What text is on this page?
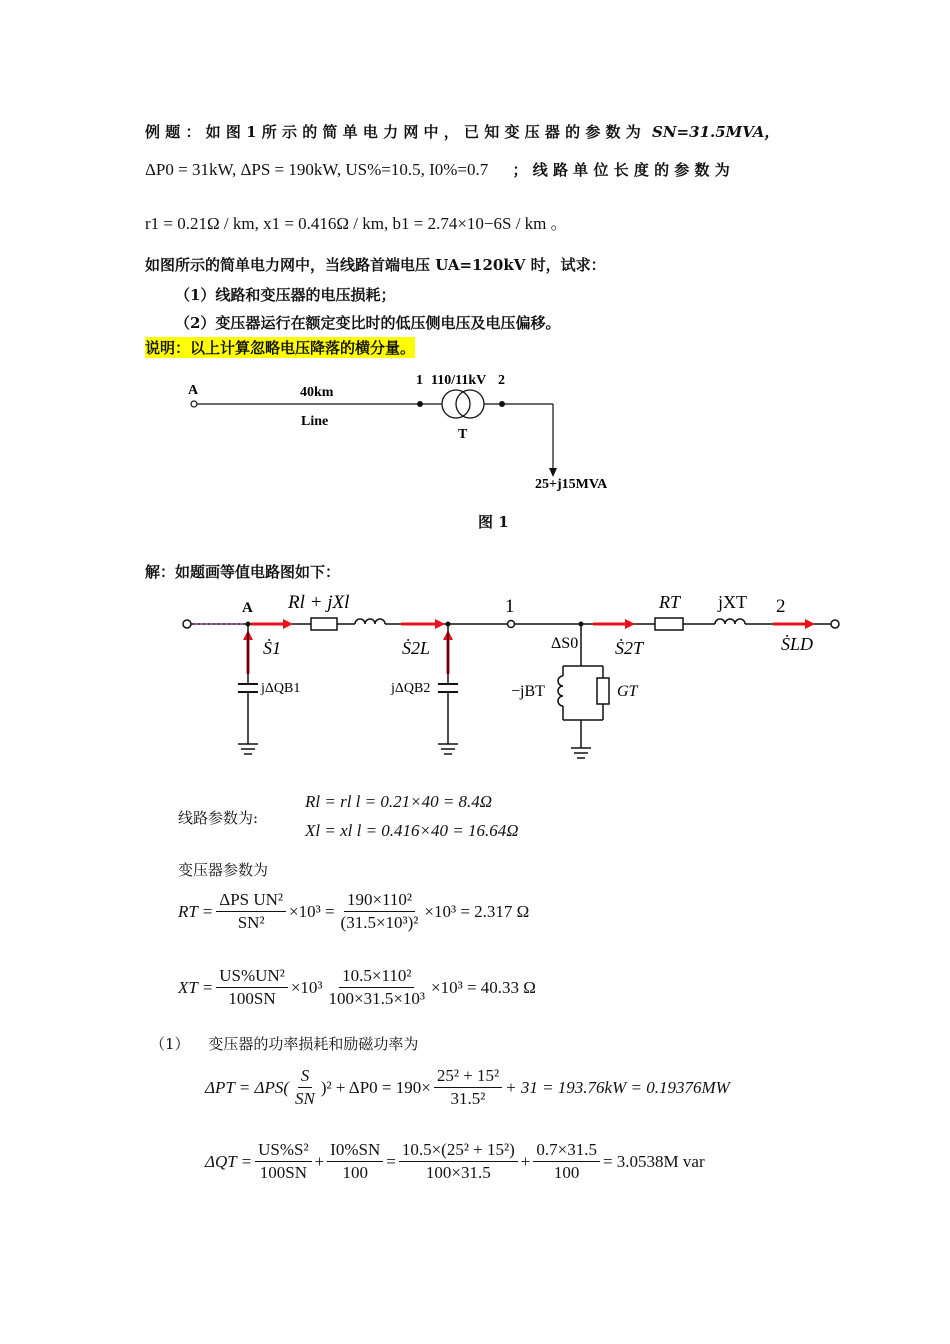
例 题 ： 如 图 1 所 示 的 简 单 电 力 网 中 ， 已 知 变 压 器 的 参 数 为 SN=31.5MVA，
ΔP0 = 31kW, ΔPS = 190kW, US%=10.5, I0%=0.7 ； 线 路 单 位 长 度 的 参 数 为
r1 = 0.21Ω / km, x1 = 0.416Ω / km, b1 = 2.74×10−6S / km 。
如图所示的简单电力网中，当线路首端电压 UA=120kV 时，试求：
（1）线路和变压器的电压损耗；
（2）变压器运行在额定变比时的低压侧电压及电压偏移。
说明：以上计算忽略电压降落的横分量。
A	40km
Line
1 110/11kV 2
T
25+j15MVA
图 1
解：如题画等值电路图如下：
A Rl + jXl	1	RT jXT 2
Ṡ1	Ṡ2L	ΔS0 Ṡ2T	ṠLD
jΔQB1	jΔQB2	−jBT	GT
线路参数为:
Rl = rl l = 0.21×40 = 8.4Ω
Xl = xl l = 0.416×40 = 16.64Ω
变压器参数为
RT = $\frac{\text{ΔPS UN²}}{\text{SN²}} \times 10^3 = \frac{\text{190×110²}}{\text{(31.5×10³)²}} \times 10^3 = 2.317$ Ω
XT = $\frac{\text{US\%UN²}}{100SN} \times 10^3 \frac{\text{10.5×110²}}{\text{100×31.5×10³}} \times 10^3 = 40.33$ Ω
（1） 变压器的功率损耗和励磁功率为
$\Delta PT = \Delta PS( \frac{S}{SN} )^2 + \Delta P0 = 190\times \frac{\text{25² + 15²}}{\text{31.5²}} + 31 = 193.76kW = 0.19376MW$
$\Delta QT = \frac{\text{US\%S²}}{100SN} + \frac{I0\%SN}{100} = \frac{\text{10.5×(25² + 15²)}}{100\times 31.5} + \frac{0.7\times 31.5}{100} = 3.0538M$ var
